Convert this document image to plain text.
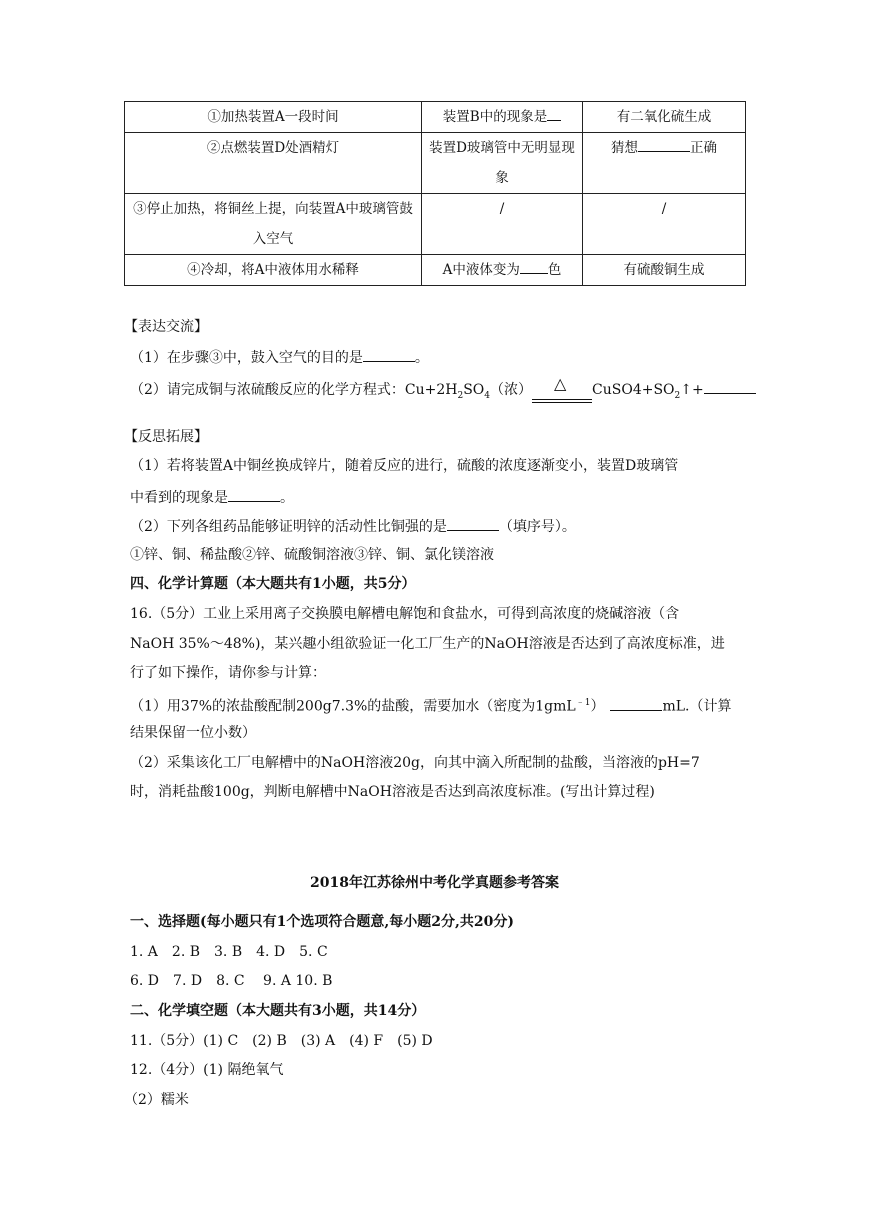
①加热装置A一段时间	装置B中的现象是	有二氧化硫生成
②点燃装置D处酒精灯	装置D玻璃管中无明显现象	猜想 正确
③停止加热，将铜丝上提，向装置A中玻璃管鼓入空气	/	/
④冷却，将A中液体用水稀释	A中液体变为 色	有硫酸铜生成
【表达交流】
（1）在步骤③中，鼓入空气的目的是	。
（2）请完成铜与浓硫酸反应的化学方程式：$Cu+2H_2SO_4$（浓） △ $CuSO4+SO_2↑+$
【反思拓展】
（1）若将装置A中铜丝换成锌片，随着反应的进行，硫酸的浓度逐渐变小，装置D玻璃管
中看到的现象是	。
（2）下列各组药品能够证明锌的活动性比铜强的是	（填序号）。
①锌、铜、稀盐酸②锌、硫酸铜溶液③锌、铜、氯化镁溶液
四、化学计算题（本大题共有1小题，共5分）
16.（5分）工业上采用离子交换膜电解槽电解饱和食盐水，可得到高浓度的烧碱溶液（含
NaOH 35%～48%)，某兴趣小组欲验证一化工厂生产的NaOH溶液是否达到了高浓度标准，进
行了如下操作，请你参与计算：
（1）用37%的浓盐酸配制200g7.3%的盐酸，需要加水（密度为1gmL$^{﹣1}$）	mL.（计算
结果保留一位小数）
（2）采集该化工厂电解槽中的NaOH溶液20g，向其中滴入所配制的盐酸，当溶液的pH=7
时，消耗盐酸100g，判断电解槽中NaOH溶液是否达到高浓度标准。(写出计算过程)
2018年江苏徐州中考化学真题参考答案
一、选择题(每小题只有1个选项符合题意,每小题2分,共20分)
1. A　2. B　3. B　4. D　5. C
6. D　7. D　8. C　 9. A 10. B
二、化学填空题（本大题共有3小题，共14分）
11.（5分）(1) C　(2) B　(3) A　(4) F　(5) D
12.（4分）(1) 隔绝氧气
（2）糯米
